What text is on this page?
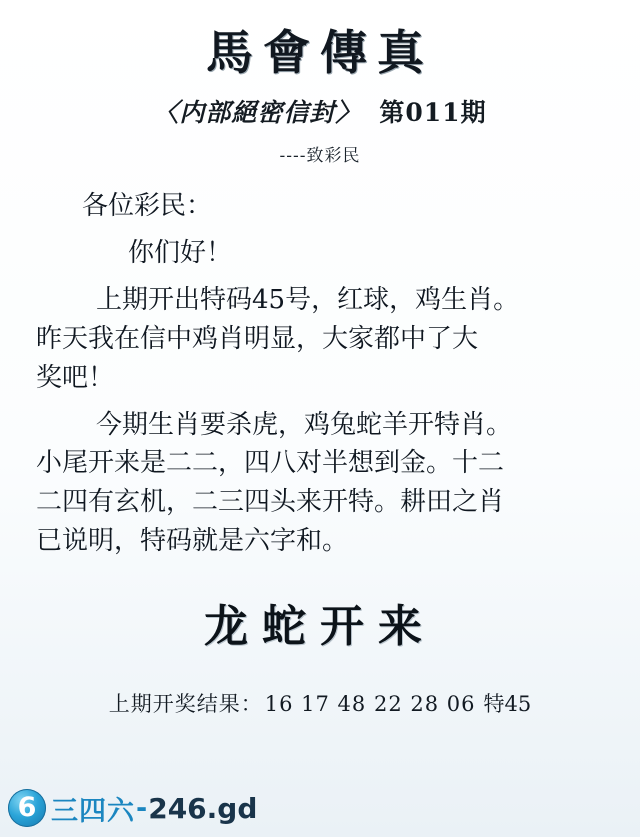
馬會傳真
〈内部絕密信封〉 第011期
----致彩民
各位彩民：
你们好！
上期开出特码45号，红球，鸡生肖。
昨天我在信中鸡肖明显，大家都中了大
奖吧！
今期生肖要杀虎，鸡兔蛇羊开特肖。
小尾开来是二二，四八对半想到金。十二
二四有玄机，二三四头来开特。耕田之肖
已说明，特码就是六字和。
龙蛇开来
上期开奖结果：16 17 48 22 28 06 特45
6 三四六 - 246.gd
